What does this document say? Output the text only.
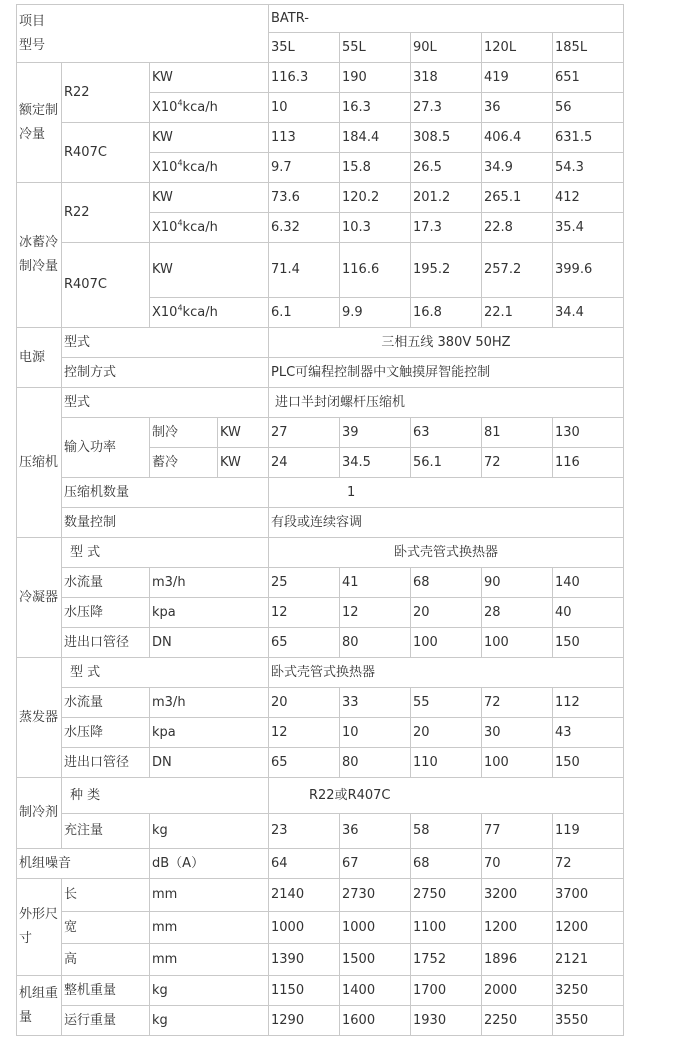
项目
型号				BATR-				
				35L	55L	90L	120L	185L
额定制冷量	R22	KW		116.3	190	318	419	651
		$X10^4kca/h$		10	16.3	27.3	36	56
	R407C	KW		113	184.4	308.5	406.4	631.5
		$X10^4kca/h$		9.7	15.8	26.5	34.9	54.3
冰蓄冷制冷量	R22	KW		73.6	120.2	201.2	265.1	412
		$X10^4kca/h$		6.32	10.3	17.3	22.8	35.4
	R407C	KW		71.4	116.6	195.2	257.2	399.6
		$X10^4kca/h$		6.1	9.9	16.8	22.1	34.4
电源	型式			三相五线 380V 50HZ				
	控制方式			PLC可编程控制器中文触摸屏智能控制				
压缩机	型式			进口半封闭螺杆压缩机				
	输入功率	制冷	KW	27	39	63	81	130
		蓄冷	KW	24	34.5	56.1	72	116
	压缩机数量			1				
	数量控制			有段或连续容调				
冷凝器	型 式			卧式壳管式换热器				
	水流量	m3/h		25	41	68	90	140
	水压降	kpa		12	12	20	28	40
	进出口管径	DN		65	80	100	100	150
蒸发器	型 式			卧式壳管式换热器				
	水流量	m3/h		20	33	55	72	112
	水压降	kpa		12	10	20	30	43
	进出口管径	DN		65	80	110	100	150
制冷剂	种 类			R22或R407C				
	充注量	kg		23	36	58	77	119
机组噪音		dB（A）		64	67	68	70	72
外形尺寸	长	mm		2140	2730	2750	3200	3700
	宽	mm		1000	1000	1100	1200	1200
	高	mm		1390	1500	1752	1896	2121
机组重量	整机重量	kg		1150	1400	1700	2000	3250
	运行重量	kg		1290	1600	1930	2250	3550
